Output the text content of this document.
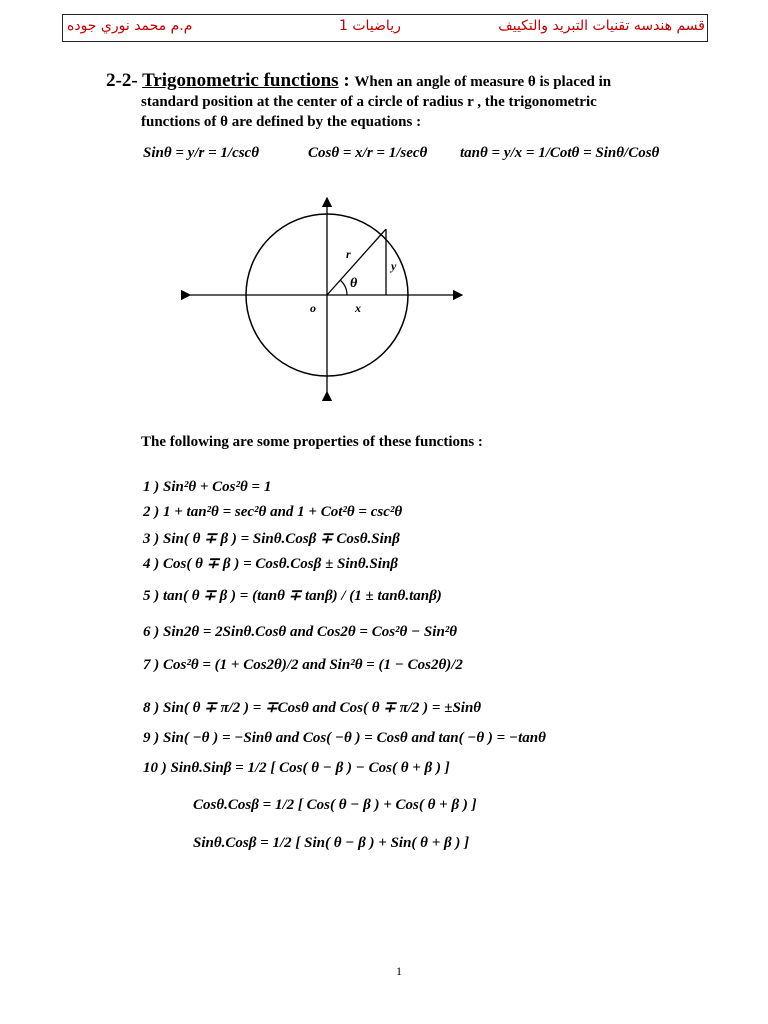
م.م محمد نوري جوده	رياضيات 1	قسم هندسه تقنيات التبريد والتكييف
2-2- Trigonometric functions : When an angle of measure θ is placed in
standard position at the center of a circle of radius r , the trigonometric
functions of θ are defined by the equations :
Sinθ = y/r = 1/cscθ	Cosθ = x/r = 1/secθ tanθ = y/x = 1/Cotθ = Sinθ/Cosθ
r
y
θ
o	x
The following are some properties of these functions :
1 ) Sin²θ + Cos²θ = 1
2 ) 1 + tan²θ = sec²θ and 1 + Cot²θ = csc²θ
3 ) Sin( θ ∓ β ) = Sinθ.Cosβ ∓ Cosθ.Sinβ
4 ) Cos( θ ∓ β ) = Cosθ.Cosβ ± Sinθ.Sinβ
5 ) tan( θ ∓ β ) = (tanθ ∓ tanβ) / (1 ± tanθ.tanβ)
6 ) Sin2θ = 2Sinθ.Cosθ and Cos2θ = Cos²θ − Sin²θ
7 ) Cos²θ = (1 + Cos2θ)/2 and Sin²θ = (1 − Cos2θ)/2
8 ) Sin( θ ∓ π/2 ) = ∓Cosθ and Cos( θ ∓ π/2 ) = ±Sinθ
9 ) Sin( −θ ) = −Sinθ and Cos( −θ ) = Cosθ and tan( −θ ) = −tanθ
10 ) Sinθ.Sinβ = 1/2 [ Cos( θ − β ) − Cos( θ + β ) ]
Cosθ.Cosβ = 1/2 [ Cos( θ − β ) + Cos( θ + β ) ]
Sinθ.Cosβ = 1/2 [ Sin( θ − β ) + Sin( θ + β ) ]
1
